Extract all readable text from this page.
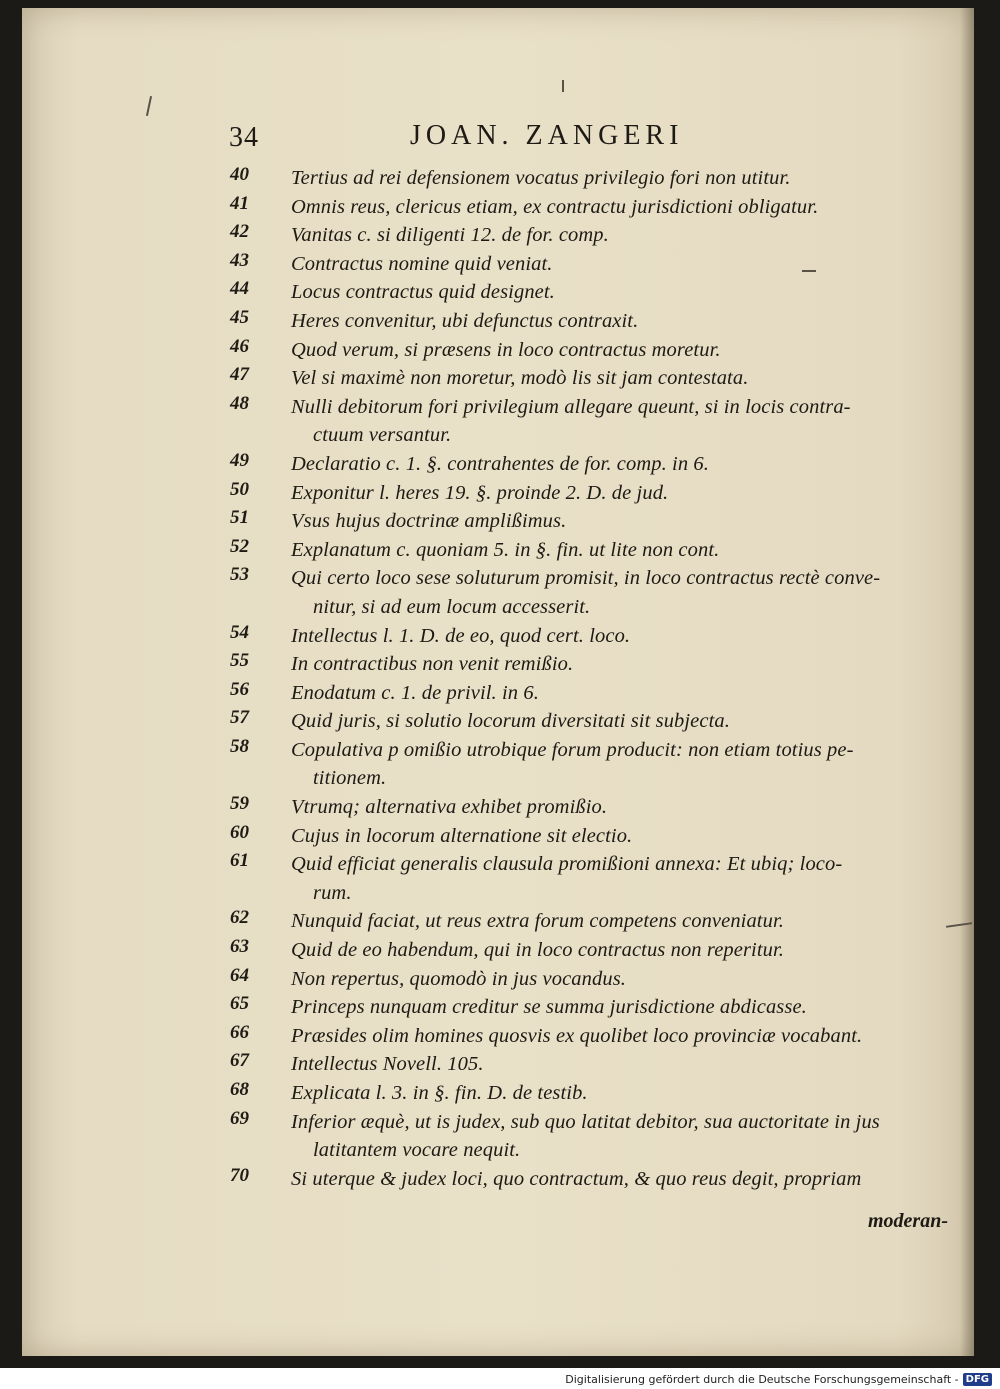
34	JOAN. ZANGERI
40	Tertius ad rei defensionem vocatus privilegio fori non utitur.
41	Omnis reus, clericus etiam, ex contractu jurisdictioni obligatur.
42	Vanitas c. si diligenti 12. de for. comp.
43	Contractus nomine quid veniat.
44	Locus contractus quid designet.
45	Heres convenitur, ubi defunctus contraxit.
46	Quod verum, si præsens in loco contractus moretur.
47	Vel si maximè non moretur, modò lis sit jam contestata.
48	Nulli debitorum fori privilegium allegare queunt, si in locis contra-
ctuum versantur.
49	Declaratio c. 1. §. contrahentes de for. comp. in 6.
50	Exponitur l. heres 19. §. proinde 2. D. de jud.
51	Vsus hujus doctrinæ amplißimus.
52	Explanatum c. quoniam 5. in §. fin. ut lite non cont.
53	Qui certo loco sese soluturum promisit, in loco contractus rectè conve-
nitur, si ad eum locum accesserit.
54	Intellectus l. 1. D. de eo, quod cert. loco.
55	In contractibus non venit remißio.
56	Enodatum c. 1. de privil. in 6.
57	Quid juris, si solutio locorum diversitati sit subjecta.
58	Copulativa p omißio utrobique forum producit: non etiam totius pe-
titionem.
59	Vtrumq; alternativa exhibet promißio.
60	Cujus in locorum alternatione sit electio.
61	Quid efficiat generalis clausula promißioni annexa: Et ubiq; loco-
rum.
62	Nunquid faciat, ut reus extra forum competens conveniatur.
63	Quid de eo habendum, qui in loco contractus non reperitur.
64	Non repertus, quomodò in jus vocandus.
65	Princeps nunquam creditur se summa jurisdictione abdicasse.
66	Præsides olim homines quosvis ex quolibet loco provinciæ vocabant.
67	Intellectus Novell. 105.
68	Explicata l. 3. in §. fin. D. de testib.
69	Inferior æquè, ut is judex, sub quo latitat debitor, sua auctoritate in jus
latitantem vocare nequit.
70	Si uterque & judex loci, quo contractum, & quo reus degit, propriam
moderan-
Digitalisierung gefördert durch die Deutsche Forschungsgemeinschaft - DFG
